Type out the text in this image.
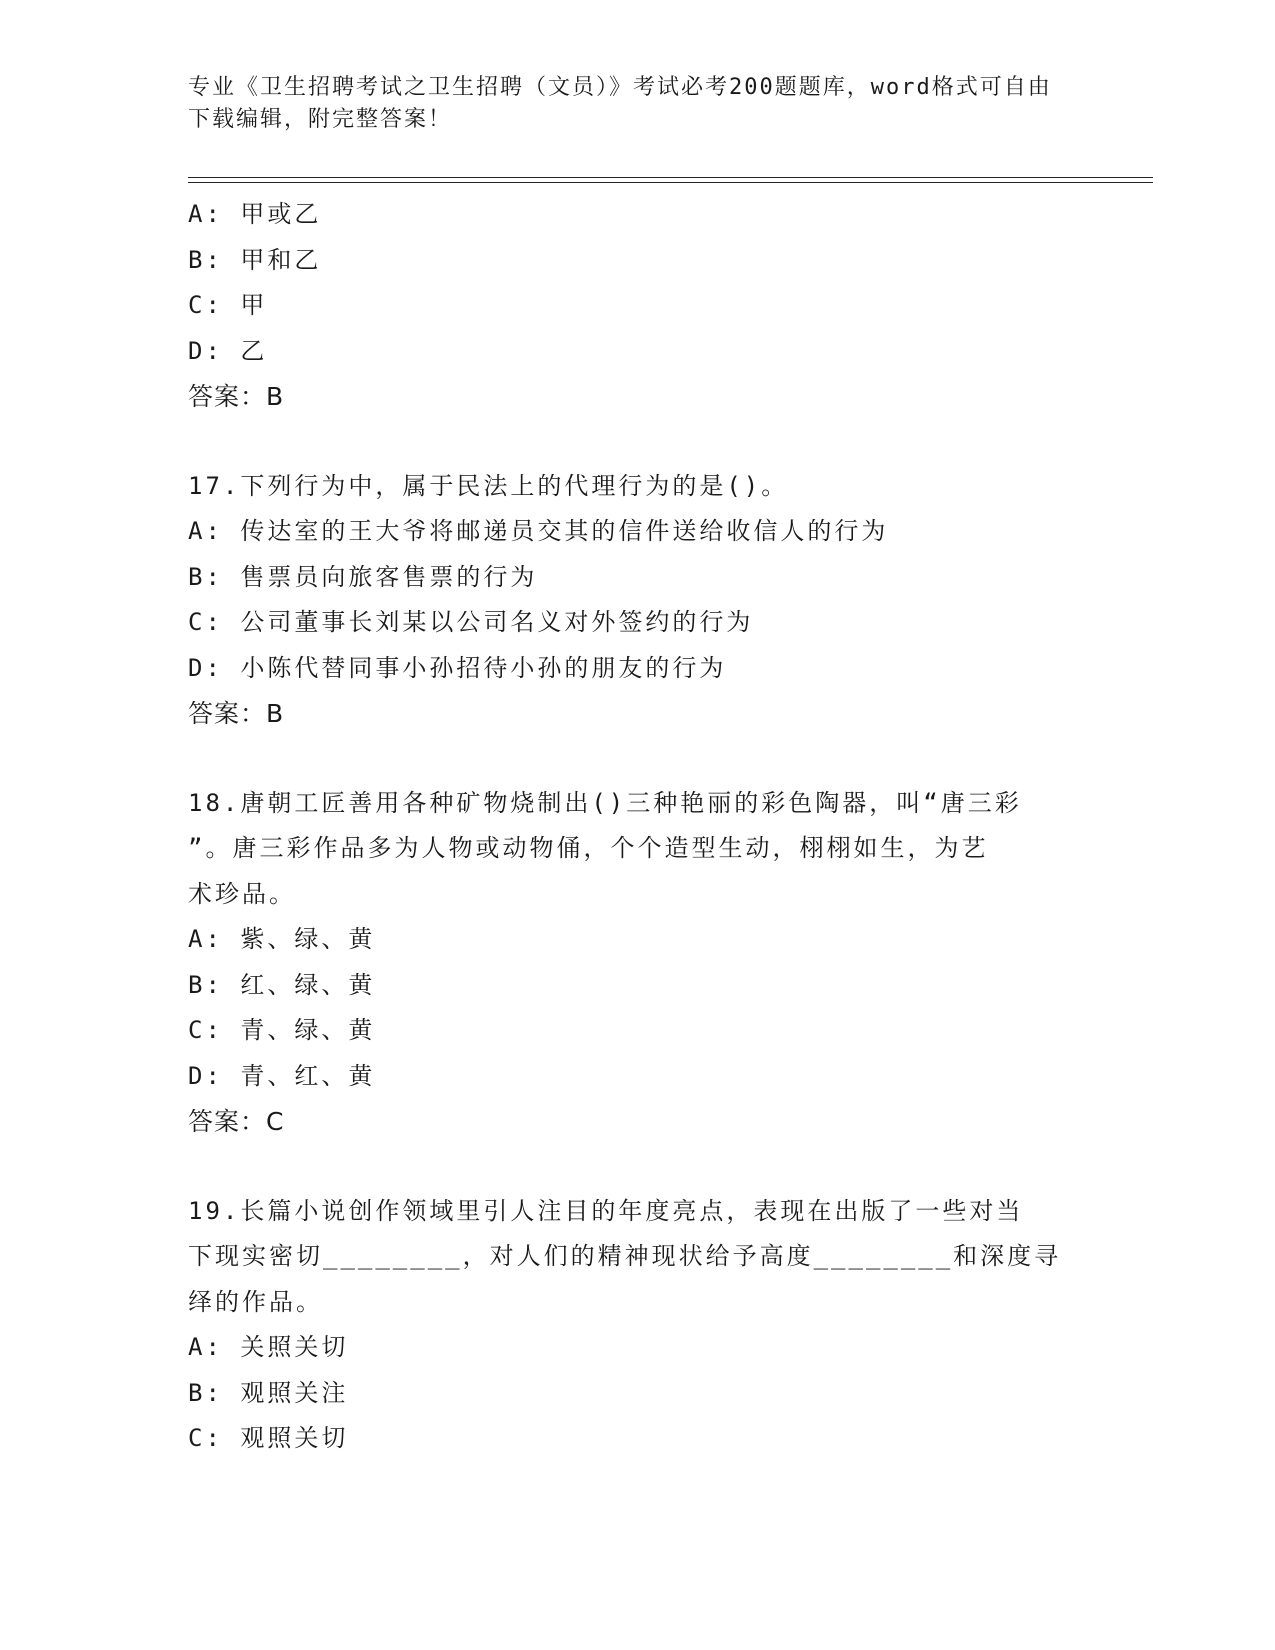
专业《卫生招聘考试之卫生招聘（文员）》考试必考200题题库，word格式可自由下载编辑，附完整答案！
A: 甲或乙
B: 甲和乙
C: 甲
D: 乙
答案：B
17.下列行为中，属于民法上的代理行为的是()。
A: 传达室的王大爷将邮递员交其的信件送给收信人的行为
B: 售票员向旅客售票的行为
C: 公司董事长刘某以公司名义对外签约的行为
D: 小陈代替同事小孙招待小孙的朋友的行为
答案：B
18.唐朝工匠善用各种矿物烧制出()三种艳丽的彩色陶器，叫“唐三彩
”。唐三彩作品多为人物或动物俑，个个造型生动，栩栩如生，为艺
术珍品。
A: 紫、绿、黄
B: 红、绿、黄
C: 青、绿、黄
D: 青、红、黄
答案：C
19.长篇小说创作领域里引人注目的年度亮点，表现在出版了一些对当
下现实密切________，对人们的精神现状给予高度________和深度寻
绎的作品。
A: 关照关切
B: 观照关注
C: 观照关切
